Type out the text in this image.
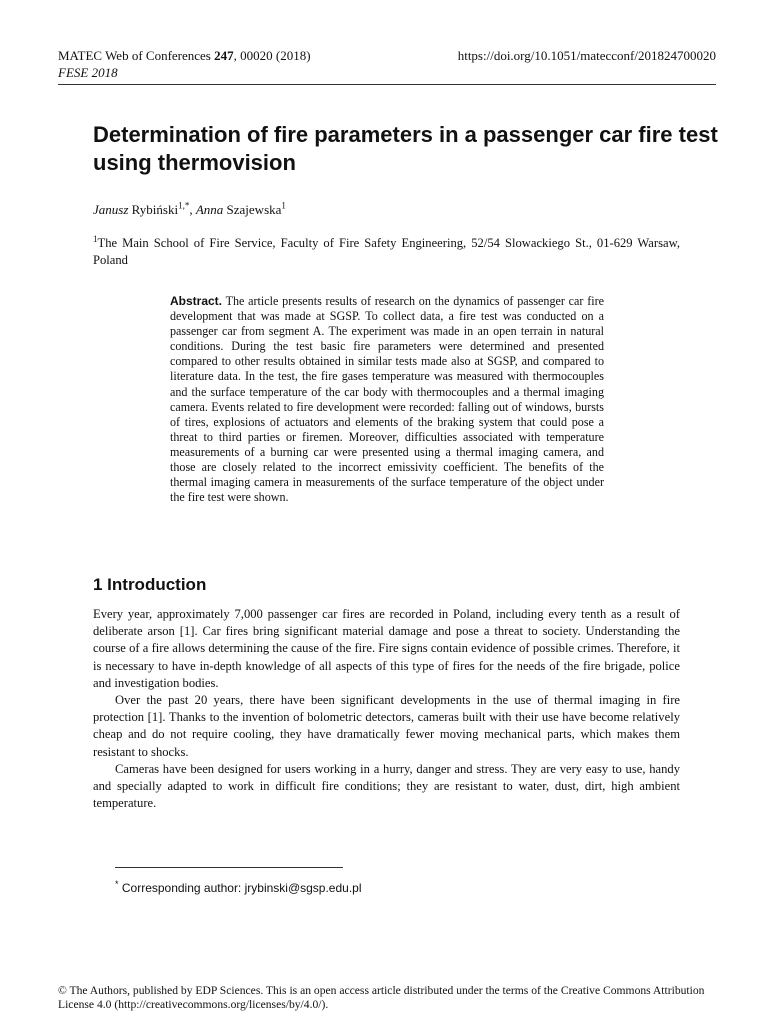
MATEC Web of Conferences 247, 00020 (2018)	https://doi.org/10.1051/matecconf/201824700020
FESE 2018
Determination of fire parameters in a passenger car fire test using thermovision
Janusz Rybiński$^{1,*}$, Anna Szajewska$^1$
$^1$The Main School of Fire Service, Faculty of Fire Safety Engineering, 52/54 Slowackiego St., 01-629 Warsaw, Poland

Abstract. The article presents results of research on the dynamics of passenger car fire development that was made at SGSP. To collect data, a fire test was conducted on a passenger car from segment A. The experiment was made in an open terrain in natural conditions. During the test basic fire parameters were determined and presented compared to other results obtained in similar tests made also at SGSP, and compared to literature data. In the test, the fire gases temperature was measured with thermocouples and the surface temperature of the car body with thermocouples and a thermal imaging camera. Events related to fire development were recorded: falling out of windows, bursts of tires, explosions of actuators and elements of the braking system that could pose a threat to third parties or firemen. Moreover, difficulties associated with temperature measurements of a burning car were presented using a thermal imaging camera, and those are closely related to the incorrect emissivity coefficient. The benefits of the thermal imaging camera in measurements of the surface temperature of the object under the fire test were shown.

1 Introduction

Every year, approximately 7,000 passenger car fires are recorded in Poland, including every tenth as a result of deliberate arson [1]. Car fires bring significant material damage and pose a threat to society. Understanding the course of a fire allows determining the cause of the fire. Fire signs contain evidence of possible crimes. Therefore, it is necessary to have in-depth knowledge of all aspects of this type of fires for the needs of the fire brigade, police and investigation bodies.

Over the past 20 years, there have been significant developments in the use of thermal imaging in fire protection [1]. Thanks to the invention of bolometric detectors, cameras built with their use have become relatively cheap and do not require cooling, they have dramatically fewer moving mechanical parts, which makes them resistant to shocks.

Cameras have been designed for users working in a hurry, danger and stress. They are very easy to use, handy and specially adapted to work in difficult fire conditions; they are resistant to water, dust, dirt, high ambient temperature.

* Corresponding author: jrybinski@sgsp.edu.pl
© The Authors, published by EDP Sciences. This is an open access article distributed under the terms of the Creative Commons Attribution License 4.0 (http://creativecommons.org/licenses/by/4.0/).
